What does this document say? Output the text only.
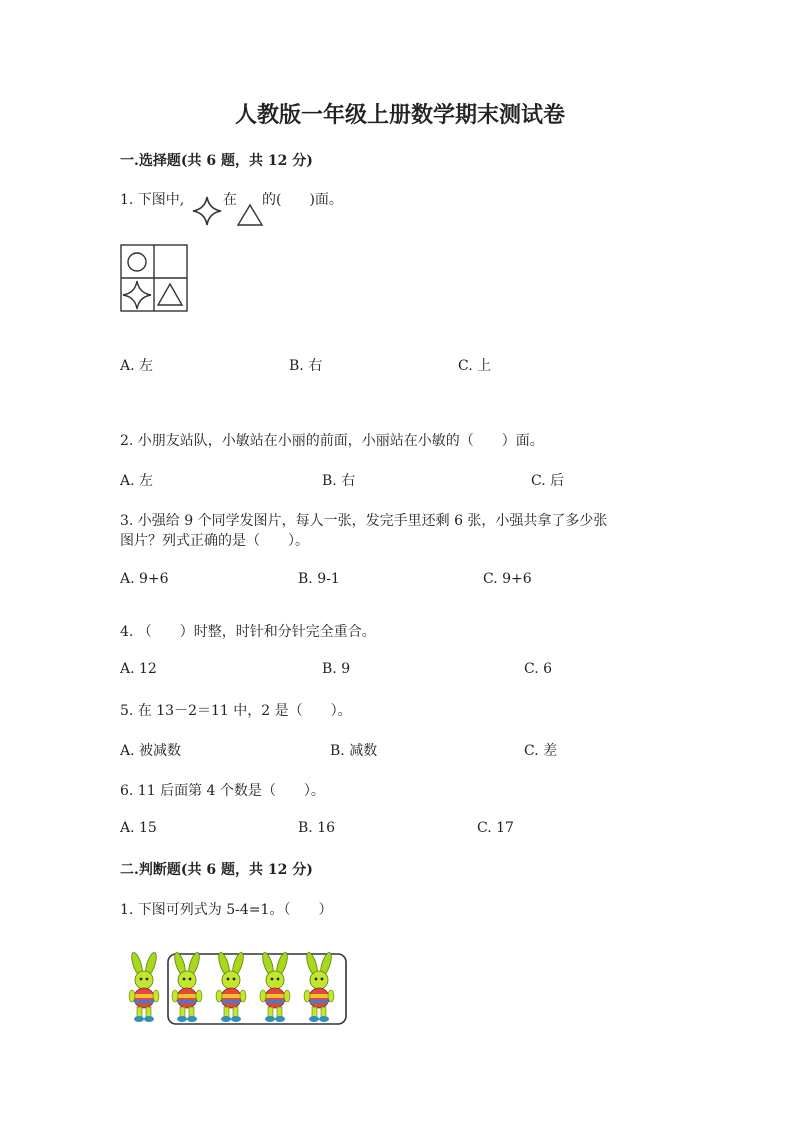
人教版一年级上册数学期末测试卷
一.选择题(共 6 题，共 12 分)
1. 下图中,	在 的(　　)面。
A. 左	B. 右	C. 上
2. 小朋友站队，小敏站在小丽的前面，小丽站在小敏的（　　）面。
A. 左	B. 右	C. 后
3. 小强给 9 个同学发图片，每人一张，发完手里还剩 6 张，小强共拿了多少张
图片？列式正确的是（　　）。
A. 9+6	B. 9-1	C. 9+6
4. （　　）时整，时针和分针完全重合。
A. 12	B. 9	C. 6
5. 在 13－2＝11 中，2 是（　　）。
A. 被减数	B. 减数	C. 差
6. 11 后面第 4 个数是（　　）。
A. 15	B. 16	C. 17
二.判断题(共 6 题，共 12 分)
1. 下图可列式为 5-4=1。（　　）
